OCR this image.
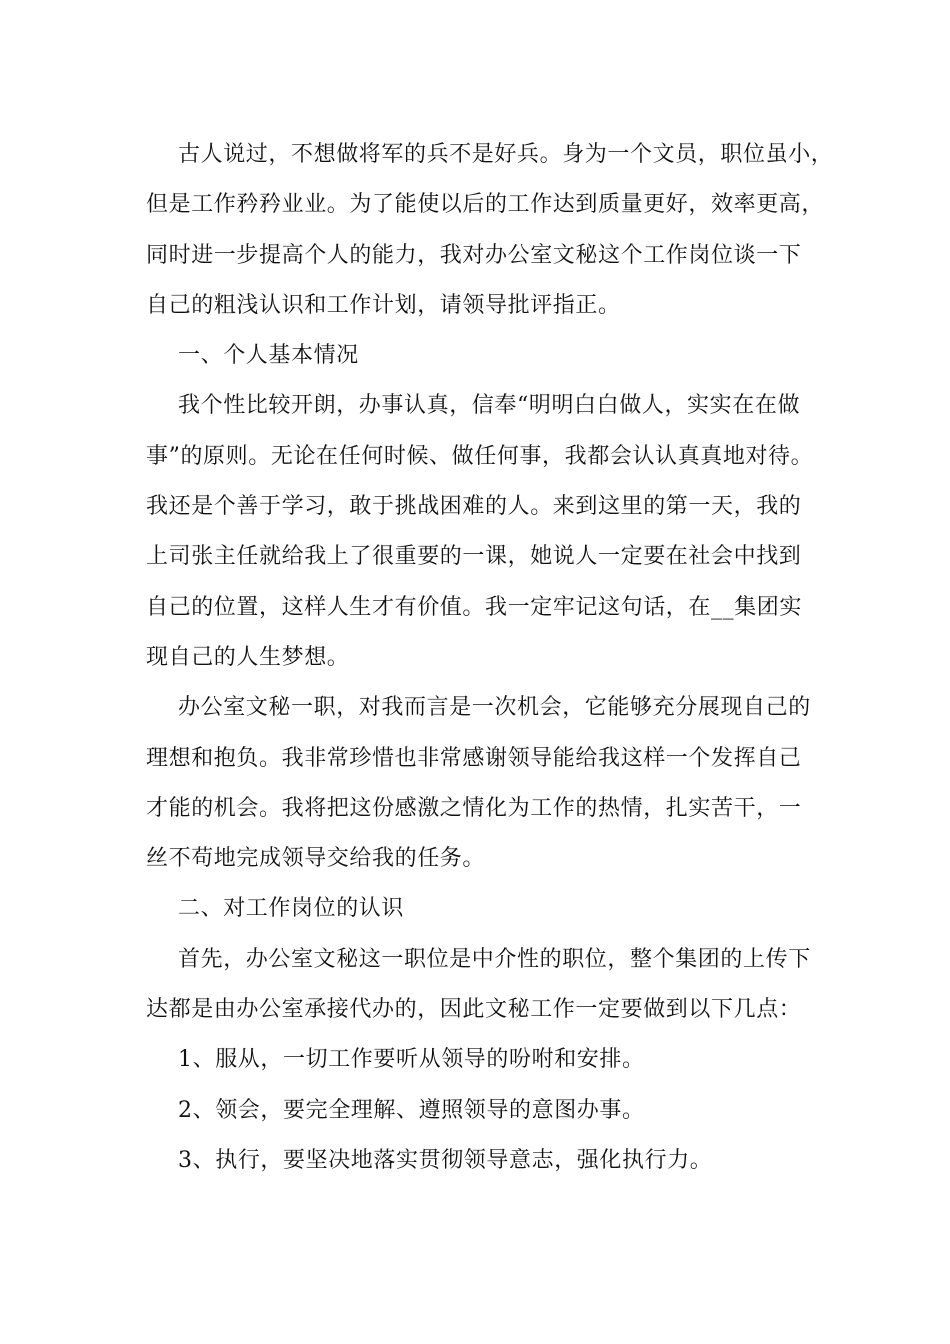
古人说过，不想做将军的兵不是好兵。身为一个文员，职位虽小，
但是工作矜矜业业。为了能使以后的工作达到质量更好，效率更高，
同时进一步提高个人的能力，我对办公室文秘这个工作岗位谈一下
自己的粗浅认识和工作计划，请领导批评指正。
一、个人基本情况
我个性比较开朗，办事认真，信奉“明明白白做人，实实在在做
事”的原则。无论在任何时候、做任何事，我都会认认真真地对待。
我还是个善于学习，敢于挑战困难的人。来到这里的第一天，我的
上司张主任就给我上了很重要的一课，她说人一定要在社会中找到
自己的位置，这样人生才有价值。我一定牢记这句话，在__集团实
现自己的人生梦想。
办公室文秘一职，对我而言是一次机会，它能够充分展现自己的
理想和抱负。我非常珍惜也非常感谢领导能给我这样一个发挥自己
才能的机会。我将把这份感激之情化为工作的热情，扎实苦干，一
丝不苟地完成领导交给我的任务。
二、对工作岗位的认识
首先，办公室文秘这一职位是中介性的职位，整个集团的上传下
达都是由办公室承接代办的，因此文秘工作一定要做到以下几点：
1、服从，一切工作要听从领导的吩咐和安排。
2、领会，要完全理解、遵照领导的意图办事。
3、执行，要坚决地落实贯彻领导意志，强化执行力。
